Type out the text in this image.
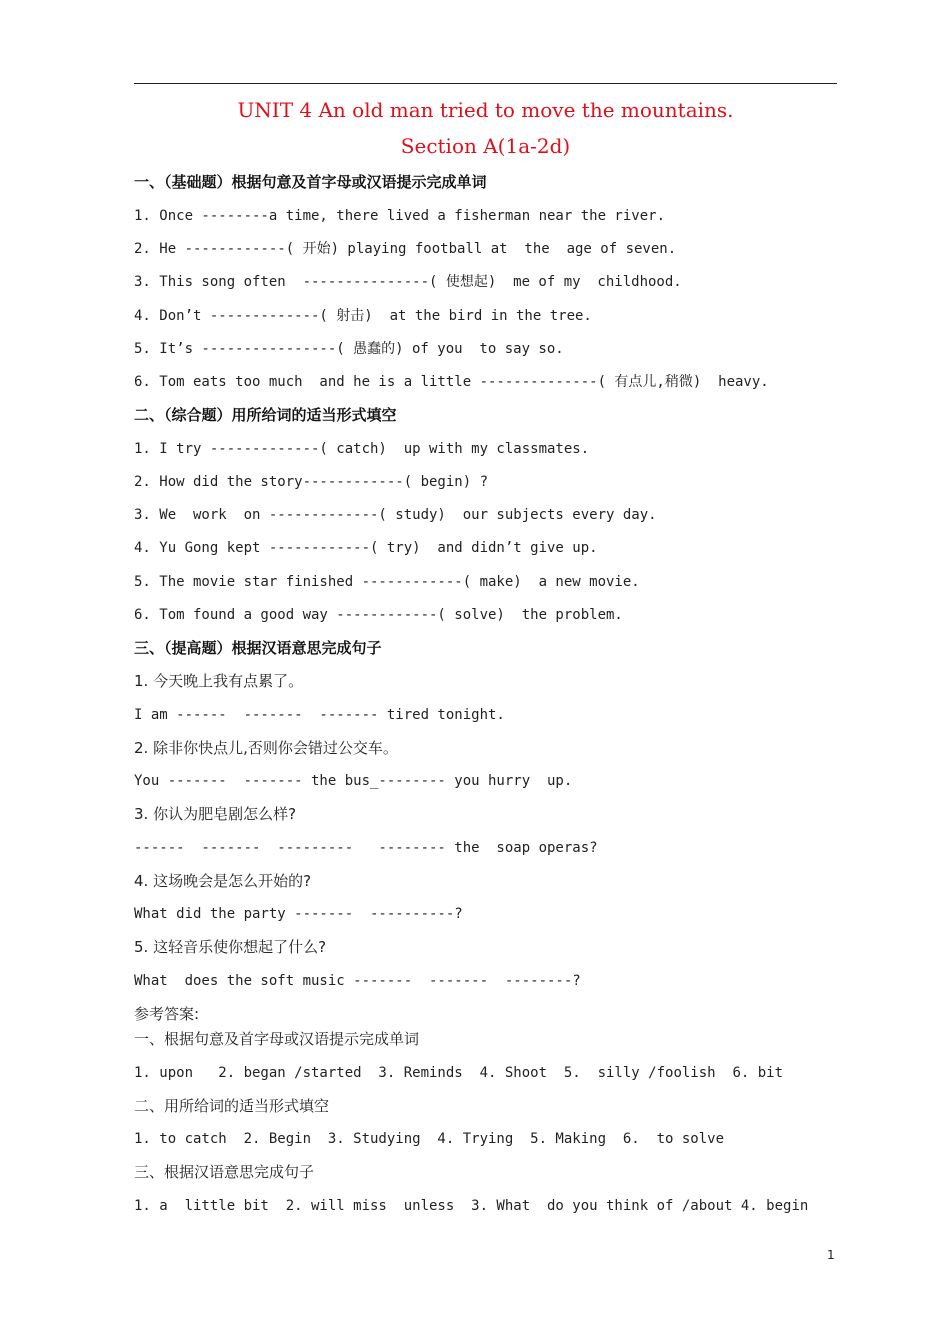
UNIT 4 An old man tried to move the mountains.
Section A(1a-2d)
一、（基础题）根据句意及首字母或汉语提示完成单词
1. Once --------a time, there lived a fisherman near the river.
2. He ------------( 开始) playing football at  the  age of seven.
3. This song often  ---------------( 使想起)  me of my  childhood.
4. Don’t -------------( 射击)  at the bird in the tree.
5. It’s ----------------( 愚蠢的) of you  to say so.
6. Tom eats too much  and he is a little --------------( 有点儿,稍微)  heavy.
二、（综合题）用所给词的适当形式填空
1. I try -------------( catch)  up with my classmates.
2. How did the story------------( begin) ?
3. We  work  on -------------( study)  our subjects every day.
4. Yu Gong kept ------------( try)  and didn’t give up.
5. The movie star finished ------------( make)  a new movie.
6. Tom found a good way ------------( solve)  the problem.
三、（提高题）根据汉语意思完成句子
1. 今天晚上我有点累了。
I am ------  -------  ------- tired tonight.
2. 除非你快点儿,否则你会错过公交车。
You -------  ------- the bus_-------- you hurry  up.
3. 你认为肥皂剧怎么样?
------  -------  ---------   -------- the  soap operas?
4. 这场晚会是怎么开始的?
What did the party -------  ----------?
5. 这轻音乐使你想起了什么?
What  does the soft music -------  -------  --------?
参考答案:
一、根据句意及首字母或汉语提示完成单词
1. upon   2. began /started  3. Reminds  4. Shoot  5.  silly /foolish  6. bit
二、用所给词的适当形式填空
1. to catch  2. Begin  3. Studying  4. Trying  5. Making  6.  to solve
三、根据汉语意思完成句子
1. a  little bit  2. will miss  unless  3. What  do you think of /about 4. begin
1
